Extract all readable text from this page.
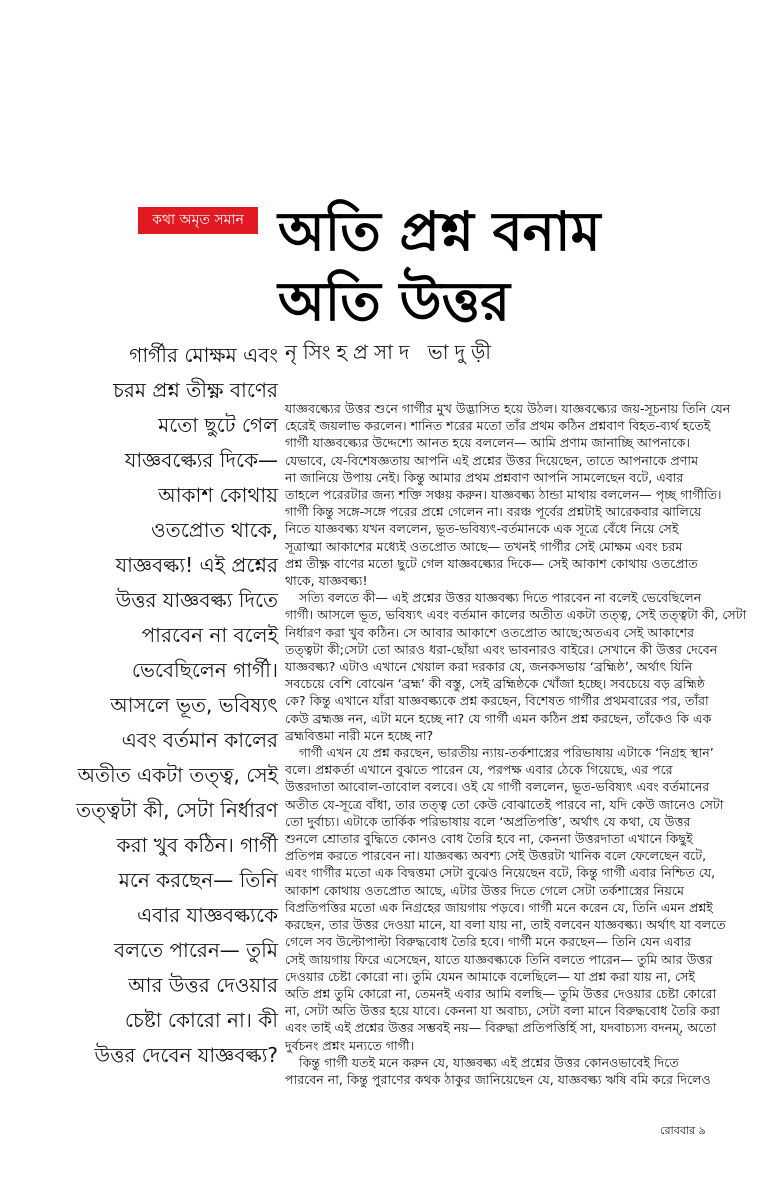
কথা অমৃত সমান অতি প্রশ্ন বনাম
অতি উত্তর
নৃসিংহপ্রসাদ ভাদুড়ী
গার্গীর মোক্ষম এবং
চরম প্রশ্ন তীক্ষ্ণ বাণের
মতো ছুটে গেল
যাজ্ঞবল্ক্যের দিকে—
আকাশ কোথায়
ওতপ্রোত থাকে,
যাজ্ঞবল্ক্য! এই প্রশ্নের
উত্তর যাজ্ঞবল্ক্য দিতে
পারবেন না বলেই
ভেবেছিলেন গার্গী।
আসলে ভূত, ভবিষ্যৎ
এবং বর্তমান কালের
অতীত একটা তত্ত্ব, সেই
তত্ত্বটা কী, সেটা নির্ধারণ
করা খুব কঠিন। গার্গী
মনে করছেন— তিনি
এবার যাজ্ঞবল্ক্যকে
বলতে পারেন— তুমি
আর উত্তর দেওয়ার
চেষ্টা কোরো না। কী
উত্তর দেবেন যাজ্ঞবল্ক্য?
যাজ্ঞবল্ক্যের উত্তর শুনে গার্গীর মুখ উদ্ভাসিত হয়ে উঠল। যাজ্ঞবল্ক্যের জয়-সূচনায় তিনি যেন
হেরেই জয়লাভ করলেন। শানিত শরের মতো তাঁর প্রথম কঠিন প্রশ্নবাণ বিহত-ব্যর্থ হতেই
গার্গী যাজ্ঞবল্ক্যের উদ্দেশ্যে আনত হয়ে বললেন— আমি প্রণাম জানাচ্ছি আপনাকে।
যেভাবে, যে-বিশেষজ্ঞতায় আপনি এই প্রশ্নের উত্তর দিয়েছেন, তাতে আপনাকে প্রণাম
না জানিয়ে উপায় নেই। কিন্তু আমার প্রথম প্রশ্নবাণ আপনি সামলেছেন বটে, এবার
তাহলে পরেরটার জন্য শক্তি সঞ্চয় করুন। যাজ্ঞবল্ক্য ঠান্ডা মাথায় বললেন— পৃচ্ছ গার্গীতি।
গার্গী কিন্তু সঙ্গে-সঙ্গে পরের প্রশ্নে গেলেন না। বরঞ্চ পূর্বের প্রশ্নটাই আরেকবার ঝালিয়ে
নিতে যাজ্ঞবল্ক্য যখন বললেন, ভূত-ভবিষ্যৎ-বর্তমানকে এক সূত্রে বেঁধে নিয়ে সেই
সূত্রাত্মা আকাশের মধ্যেই ওতপ্রোত আছে— তখনই গার্গীর সেই মোক্ষম এবং চরম
প্রশ্ন তীক্ষ্ণ বাণের মতো ছুটে গেল যাজ্ঞবল্ক্যের দিকে— সেই আকাশ কোথায় ওতপ্রোত
থাকে, যাজ্ঞবল্ক্য!
সত্যি বলতে কী— এই প্রশ্নের উত্তর যাজ্ঞবল্ক্য দিতে পারবেন না বলেই ভেবেছিলেন
গার্গী। আসলে ভূত, ভবিষ্যৎ এবং বর্তমান কালের অতীত একটা তত্ত্ব, সেই তত্ত্বটা কী, সেটা
নির্ধারণ করা খুব কঠিন। সে আবার আকাশে ওতপ্রোত আছে;অতএব সেই আকাশের
তত্ত্বটা কী;সেটা তো আরও ধরা-ছোঁয়া এবং ভাবনারও বাইরে। সেখানে কী উত্তর দেবেন
যাজ্ঞবল্ক্য? এটাও এখানে খেয়াল করা দরকার যে, জনকসভায় ‘ব্রহ্মিষ্ঠ’, অর্থাৎ যিনি
সবচেয়ে বেশি বোঝেন ‘ব্রহ্ম’ কী বস্তু, সেই ব্রহ্মিষ্ঠকে খোঁজা হচ্ছে। সবচেয়ে বড় ব্রহ্মিষ্ঠ
কে? কিন্তু এখানে যাঁরা যাজ্ঞবল্ক্যকে প্রশ্ন করছেন, বিশেষত গার্গীর প্রথমবারের পর, তাঁরা
কেউ ব্রহ্মজ্ঞ নন, এটা মনে হচ্ছে না? যে গার্গী এমন কঠিন প্রশ্ন করছেন, তাঁকেও কি এক
ব্রহ্মবিত্তমা নারী মনে হচ্ছে না?
গার্গী এখন যে প্রশ্ন করছেন, ভারতীয় ন্যায়-তর্কশাস্ত্রের পরিভাষায় এটাকে ‘নিগ্রহ স্থান’
বলে। প্রশ্নকর্তা এখানে বুঝতে পারেন যে, পরপক্ষ এবার ঠেকে গিয়েছে, এর পরে
উত্তরদাতা আবোল-তাবোল বলবে। ওই যে গার্গী বললেন, ভূত-ভবিষ্যৎ এবং বর্তমানের
অতীত যে-সূত্রে বাঁধা, তার তত্ত্ব তো কেউ বোঝাতেই পারবে না, যদি কেউ জানেও সেটা
তো দুর্বাচ্য। এটাকে তার্কিক পরিভাষায় বলে ‘অপ্রতিপত্তি’, অর্থাৎ যে কথা, যে উত্তর
শুনলে শ্রোতার বুদ্ধিতে কোনও বোধ তৈরি হবে না, কেননা উত্তরদাতা এখানে কিছুই
প্রতিপন্ন করতে পারবেন না। যাজ্ঞবল্ক্য অবশ্য সেই উত্তরটা খানিক বলে ফেলেছেন বটে,
এবং গার্গীর মতো এক বিদ্বত্তমা সেটা বুঝেও নিয়েছেন বটে, কিন্তু গার্গী এবার নিশ্চিত যে,
আকাশ কোথায় ওতপ্রোত আছে, এটার উত্তর দিতে গেলে সেটা তর্কশাস্ত্রের নিয়মে
বিপ্রতিপত্তির মতো এক নিগ্রহের জায়গায় পড়বে। গার্গী মনে করেন যে, তিনি এমন প্রশ্নই
করছেন, তার উত্তর দেওয়া মানে, যা বলা যায় না, তাই বলবেন যাজ্ঞবল্ক্য। অর্থাৎ যা বলতে
গেলে সব উল্টোপাল্টা বিরুদ্ধবোধ তৈরি হবে। গার্গী মনে করছেন— তিনি যেন এবার
সেই জায়গায় ফিরে এসেছেন, যাতে যাজ্ঞবল্ক্যকে তিনি বলতে পারেন— তুমি আর উত্তর
দেওয়ার চেষ্টা কোরো না। তুমি যেমন আমাকে বলেছিলে— যা প্রশ্ন করা যায় না, সেই
অতি প্রশ্ন তুমি কোরো না, তেমনই এবার আমি বলছি— তুমি উত্তর দেওয়ার চেষ্টা কোরো
না, সেটা অতি উত্তর হয়ে যাবে। কেননা যা অবাচ্য, সেটা বলা মানে বিরুদ্ধবোধ তৈরি করা
এবং তাই এই প্রশ্নের উত্তর সম্ভবই নয়— বিরুদ্ধা প্রতিপত্তির্হি সা, যদবাচ্যস্য বদনম্, অতো
দুর্বচনং প্রশ্নং মন্যতে গার্গী।
কিন্তু গার্গী যতই মনে করুন যে, যাজ্ঞবল্ক্য এই প্রশ্নের উত্তর কোনওভাবেই দিতে
পারবেন না, কিন্তু পুরাণের কথক ঠাকুর জানিয়েছেন যে, যাজ্ঞবল্ক্য ঋষি বমি করে দিলেও
রোববার ৯
